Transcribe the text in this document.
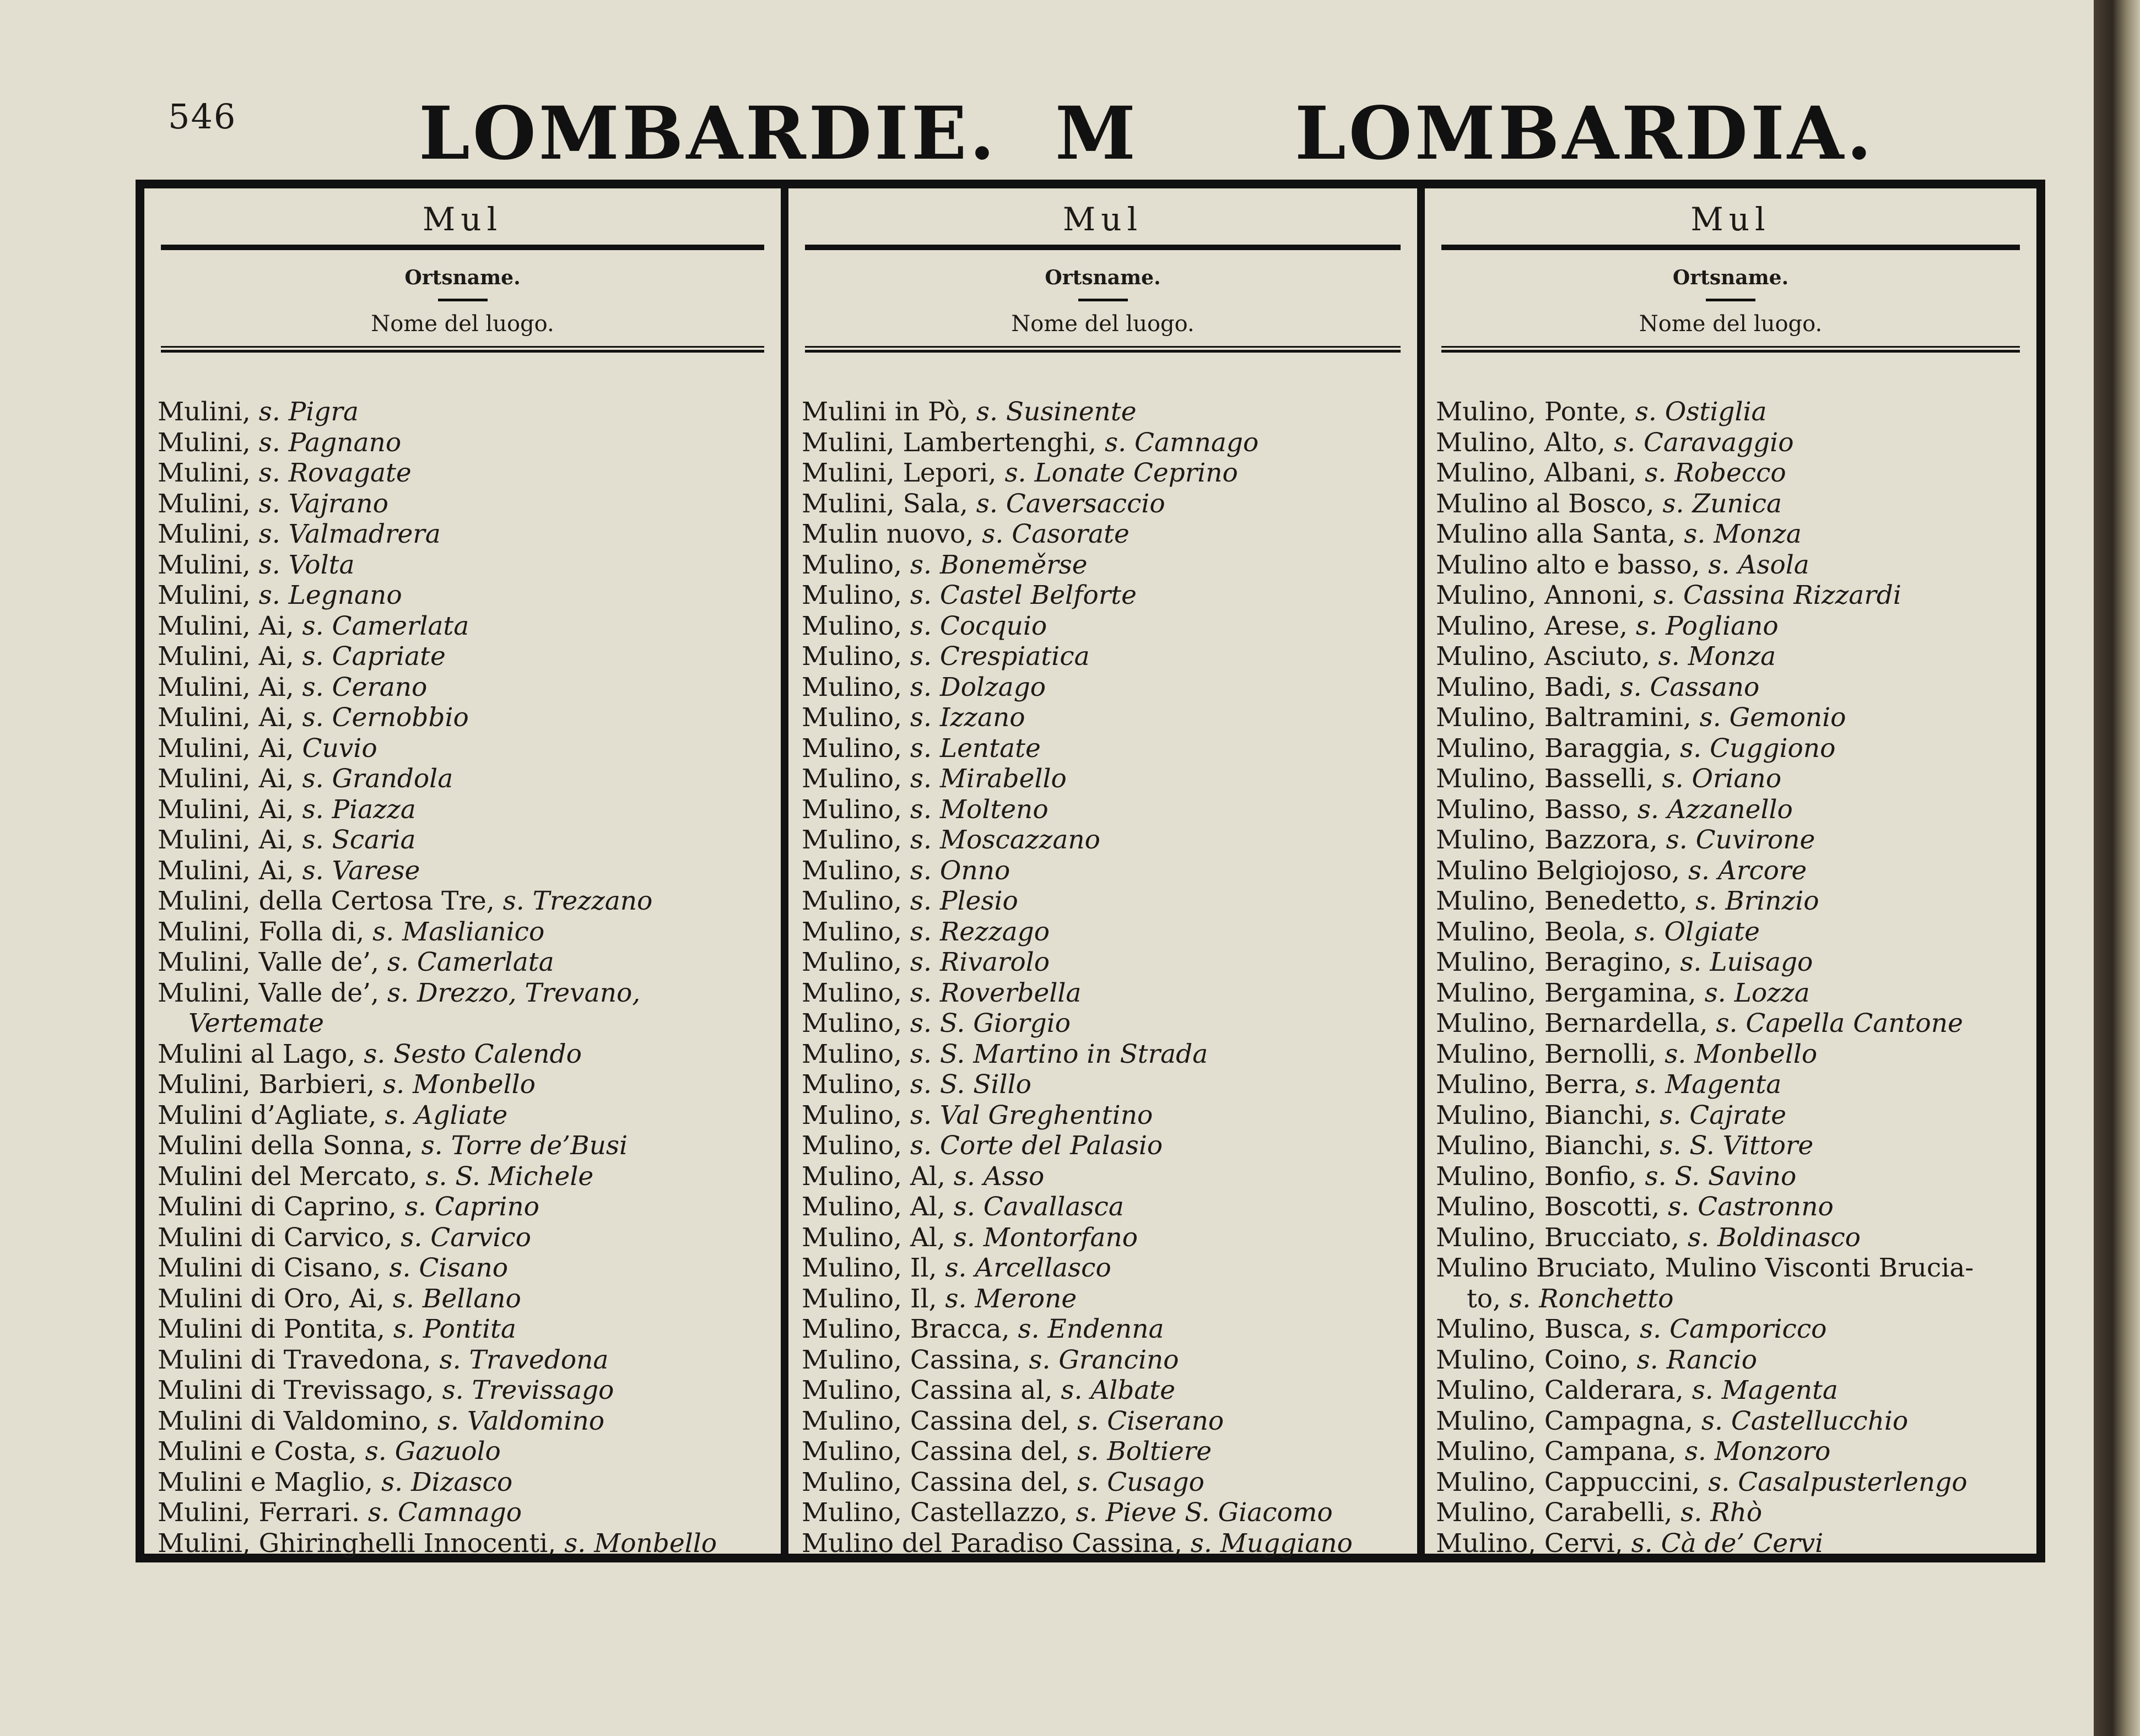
546	LOMBARDIE. M LOMBARDIA.
Mul
Ortsname.
Nome del luogo.
Mulini, s. Pigra
Mulini, s. Pagnano
Mulini, s. Rovagate
Mulini, s. Vajrano
Mulini, s. Valmadrera
Mulini, s. Volta
Mulini, s. Legnano
Mulini, Ai, s. Camerlata
Mulini, Ai, s. Capriate
Mulini, Ai, s. Cerano
Mulini, Ai, s. Cernobbio
Mulini, Ai, Cuvio
Mulini, Ai, s. Grandola
Mulini, Ai, s. Piazza
Mulini, Ai, s. Scaria
Mulini, Ai, s. Varese
Mulini, della Certosa Tre, s. Trezzano
Mulini, Folla di, s. Maslianico
Mulini, Valle de’, s. Camerlata
Mulini, Valle de’, s. Drezzo, Trevano,
Vertemate
Mulini al Lago, s. Sesto Calendo
Mulini, Barbieri, s. Monbello
Mulini d’Agliate, s. Agliate
Mulini della Sonna, s. Torre de’Busi
Mulini del Mercato, s. S. Michele
Mulini di Caprino, s. Caprino
Mulini di Carvico, s. Carvico
Mulini di Cisano, s. Cisano
Mulini di Oro, Ai, s. Bellano
Mulini di Pontita, s. Pontita
Mulini di Travedona, s. Travedona
Mulini di Trevissago, s. Trevissago
Mulini di Valdomino, s. Valdomino
Mulini e Costa, s. Gazuolo
Mulini e Maglio, s. Dizasco
Mulini, Ferrari. s. Camnago
Mulini, Ghiringhelli Innocenti, s. Monbello
Mul
Ortsname.
Nome del luogo.
Mulini in Pò, s. Susinente
Mulini, Lambertenghi, s. Camnago
Mulini, Lepori, s. Lonate Ceprino
Mulini, Sala, s. Caversaccio
Mulin nuovo, s. Casorate
Mulino, s. Boneměrse
Mulino, s. Castel Belforte
Mulino, s. Cocquio
Mulino, s. Crespiatica
Mulino, s. Dolzago
Mulino, s. Izzano
Mulino, s. Lentate
Mulino, s. Mirabello
Mulino, s. Molteno
Mulino, s. Moscazzano
Mulino, s. Onno
Mulino, s. Plesio
Mulino, s. Rezzago
Mulino, s. Rivarolo
Mulino, s. Roverbella
Mulino, s. S. Giorgio
Mulino, s. S. Martino in Strada
Mulino, s. S. Sillo
Mulino, s. Val Greghentino
Mulino, s. Corte del Palasio
Mulino, Al, s. Asso
Mulino, Al, s. Cavallasca
Mulino, Al, s. Montorfano
Mulino, Il, s. Arcellasco
Mulino, Il, s. Merone
Mulino, Bracca, s. Endenna
Mulino, Cassina, s. Grancino
Mulino, Cassina al, s. Albate
Mulino, Cassina del, s. Ciserano
Mulino, Cassina del, s. Boltiere
Mulino, Cassina del, s. Cusago
Mulino, Castellazzo, s. Pieve S. Giacomo
Mulino del Paradiso Cassina, s. Muggiano
Mul
Ortsname.
Nome del luogo.
Mulino, Ponte, s. Ostiglia
Mulino, Alto, s. Caravaggio
Mulino, Albani, s. Robecco
Mulino al Bosco, s. Zunica
Mulino alla Santa, s. Monza
Mulino alto e basso, s. Asola
Mulino, Annoni, s. Cassina Rizzardi
Mulino, Arese, s. Pogliano
Mulino, Asciuto, s. Monza
Mulino, Badi, s. Cassano
Mulino, Baltramini, s. Gemonio
Mulino, Baraggia, s. Cuggiono
Mulino, Basselli, s. Oriano
Mulino, Basso, s. Azzanello
Mulino, Bazzora, s. Cuvirone
Mulino Belgiojoso, s. Arcore
Mulino, Benedetto, s. Brinzio
Mulino, Beola, s. Olgiate
Mulino, Beragino, s. Luisago
Mulino, Bergamina, s. Lozza
Mulino, Bernardella, s. Capella Cantone
Mulino, Bernolli, s. Monbello
Mulino, Berra, s. Magenta
Mulino, Bianchi, s. Cajrate
Mulino, Bianchi, s. S. Vittore
Mulino, Bonfio, s. S. Savino
Mulino, Boscotti, s. Castronno
Mulino, Brucciato, s. Boldinasco
Mulino Bruciato, Mulino Visconti Brucia-
to, s. Ronchetto
Mulino, Busca, s. Camporicco
Mulino, Coino, s. Rancio
Mulino, Calderara, s. Magenta
Mulino, Campagna, s. Castellucchio
Mulino, Campana, s. Monzoro
Mulino, Cappuccini, s. Casalpusterlengo
Mulino, Carabelli, s. Rhò
Mulino, Cervi, s. Cà de’ Cervi
